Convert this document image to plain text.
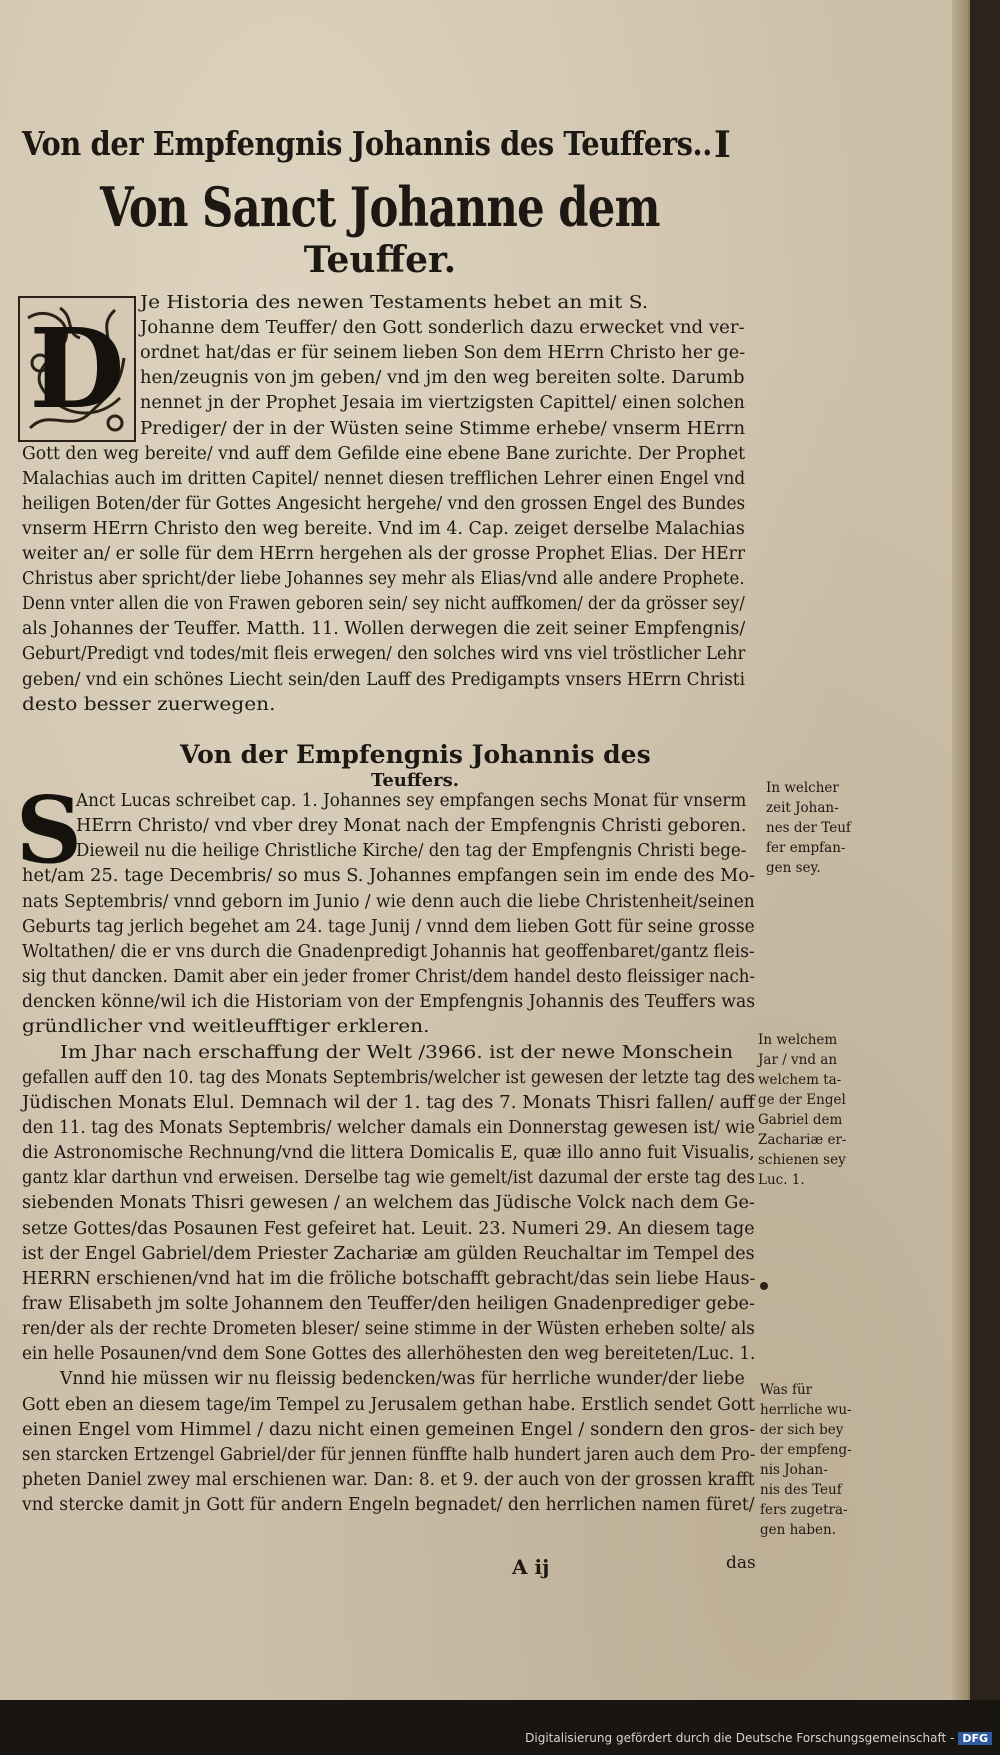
Von der Empfengnis Johannis des Teuffers.. I
Von Sanct Johanne dem
Teuffer.
D
Je Historia des newen Testaments hebet an mit S.
Johanne dem Teuffer/ den Gott sonderlich dazu erwecket vnd ver-
ordnet hat/das er für seinem lieben Son dem HErrn Christo her ge-
hen/zeugnis von jm geben/ vnd jm den weg bereiten solte. Darumb
nennet jn der Prophet Jesaia im viertzigsten Capittel/ einen solchen
Prediger/ der in der Wüsten seine Stimme erhebe/ vnserm HErrn
Gott den weg bereite/ vnd auff dem Gefilde eine ebene Bane zurichte. Der Prophet
Malachias auch im dritten Capitel/ nennet diesen trefflichen Lehrer einen Engel vnd
heiligen Boten/der für Gottes Angesicht hergehe/ vnd den grossen Engel des Bundes
vnserm HErrn Christo den weg bereite. Vnd im 4. Cap. zeiget derselbe Malachias
weiter an/ er solle für dem HErrn hergehen als der grosse Prophet Elias. Der HErr
Christus aber spricht/der liebe Johannes sey mehr als Elias/vnd alle andere Prophete.
Denn vnter allen die von Frawen geboren sein/ sey nicht auffkomen/ der da grösser sey/
als Johannes der Teuffer. Matth. 11. Wollen derwegen die zeit seiner Empfengnis/
Geburt/Predigt vnd todes/mit fleis erwegen/ den solches wird vns viel tröstlicher Lehr
geben/ vnd ein schönes Liecht sein/den Lauff des Predigampts vnsers HErrn Christi
desto besser zuerwegen.
Von der Empfengnis Johannis des
Teuffers.
S
Anct Lucas schreibet cap. 1. Johannes sey empfangen sechs Monat für vnserm
HErrn Christo/ vnd vber drey Monat nach der Empfengnis Christi geboren.
Dieweil nu die heilige Christliche Kirche/ den tag der Empfengnis Christi bege-
het/am 25. tage Decembris/ so mus S. Johannes empfangen sein im ende des Mo-
nats Septembris/ vnnd geborn im Junio / wie denn auch die liebe Christenheit/seinen
Geburts tag jerlich begehet am 24. tage Junij / vnnd dem lieben Gott für seine grosse
Woltathen/ die er vns durch die Gnadenpredigt Johannis hat geoffenbaret/gantz fleis-
sig thut dancken. Damit aber ein jeder fromer Christ/dem handel desto fleissiger nach-
dencken könne/wil ich die Historiam von der Empfengnis Johannis des Teuffers was
gründlicher vnd weitleufftiger erkleren.
Im Jhar nach erschaffung der Welt /3966. ist der newe Monschein
gefallen auff den 10. tag des Monats Septembris/welcher ist gewesen der letzte tag des
Jüdischen Monats Elul. Demnach wil der 1. tag des 7. Monats Thisri fallen/ auff
den 11. tag des Monats Septembris/ welcher damals ein Donnerstag gewesen ist/ wie
die Astronomische Rechnung/vnd die littera Domicalis E, quæ illo anno fuit Visualis,
gantz klar darthun vnd erweisen. Derselbe tag wie gemelt/ist dazumal der erste tag des
siebenden Monats Thisri gewesen / an welchem das Jüdische Volck nach dem Ge-
setze Gottes/das Posaunen Fest gefeiret hat. Leuit. 23. Numeri 29. An diesem tage
ist der Engel Gabriel/dem Priester Zachariæ am gülden Reuchaltar im Tempel des
HERRN erschienen/vnd hat im die fröliche botschafft gebracht/das sein liebe Haus-
fraw Elisabeth jm solte Johannem den Teuffer/den heiligen Gnadenprediger gebe-
ren/der als der rechte Drometen bleser/ seine stimme in der Wüsten erheben solte/ als
ein helle Posaunen/vnd dem Sone Gottes des allerhöhesten den weg bereiteten/Luc. 1.
Vnnd hie müssen wir nu fleissig bedencken/was für herrliche wunder/der liebe
Gott eben an diesem tage/im Tempel zu Jerusalem gethan habe. Erstlich sendet Gott
einen Engel vom Himmel / dazu nicht einen gemeinen Engel / sondern den gros-
sen starcken Ertzengel Gabriel/der für jennen fünffte halb hundert jaren auch dem Pro-
pheten Daniel zwey mal erschienen war. Dan: 8. et 9. der auch von der grossen krafft
vnd stercke damit jn Gott für andern Engeln begnadet/ den herrlichen namen füret/
In welcher
zeit Johan-
nes der Teuf
fer empfan-
gen sey.
In welchem
Jar / vnd an
welchem ta-
ge der Engel
Gabriel dem
Zachariæ er-
schienen sey
Luc. 1.
Was für
herrliche wu-
der sich bey
der empfeng-
nis Johan-
nis des Teuf
fers zugetra-
gen haben.
A ij	das
Digitalisierung gefördert durch die Deutsche Forschungsgemeinschaft - DFG
